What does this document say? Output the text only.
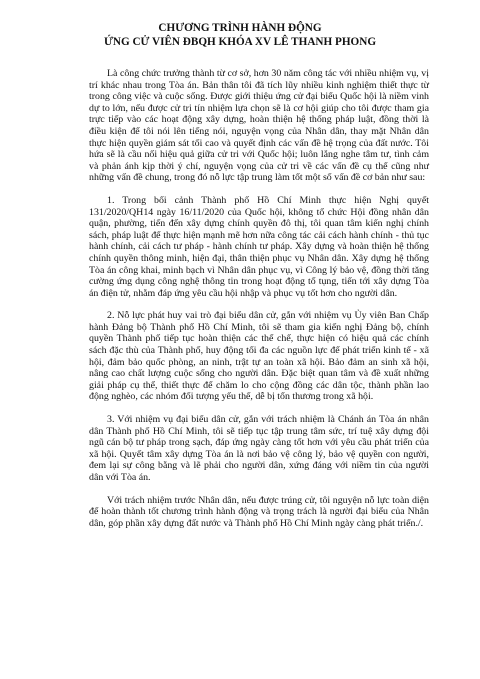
CHƯƠNG TRÌNH HÀNH ĐỘNG
ỨNG CỬ VIÊN ĐBQH KHÓA XV LÊ THANH PHONG

Là công chức trưởng thành từ cơ sở, hơn 30 năm công tác với nhiều nhiệm vụ, vị trí khác nhau trong Tòa án. Bản thân tôi đã tích lũy nhiều kinh nghiệm thiết thực từ trong công việc và cuộc sống. Được giới thiệu ứng cử đại biểu Quốc hội là niềm vinh dự to lớn, nếu được cử tri tín nhiệm lựa chọn sẽ là cơ hội giúp cho tôi được tham gia trực tiếp vào các hoạt động xây dựng, hoàn thiện hệ thống pháp luật, đồng thời là điều kiện để tôi nói lên tiếng nói, nguyện vọng của Nhân dân, thay mặt Nhân dân thực hiện quyền giám sát tối cao và quyết định các vấn đề hệ trọng của đất nước. Tôi hứa sẽ là cầu nối hiệu quả giữa cử tri với Quốc hội; luôn lắng nghe tâm tư, tình cảm và phản ánh kịp thời ý chí, nguyện vọng của cử tri về các vấn đề cụ thể cũng như những vấn đề chung, trong đó nỗ lực tập trung làm tốt một số vấn đề cơ bản như sau:

1. Trong bối cảnh Thành phố Hồ Chí Minh thực hiện Nghị quyết 131/2020/QH14 ngày 16/11/2020 của Quốc hội, không tổ chức Hội đồng nhân dân quận, phường, tiến đến xây dựng chính quyền đô thị, tôi quan tâm kiến nghị chính sách, pháp luật để thực hiện mạnh mẽ hơn nữa công tác cải cách hành chính - thủ tục hành chính, cải cách tư pháp - hành chính tư pháp. Xây dựng và hoàn thiện hệ thống chính quyền thông minh, hiện đại, thân thiện phục vụ Nhân dân. Xây dựng hệ thống Tòa án công khai, minh bạch vì Nhân dân phục vụ, vì Công lý bảo vệ, đồng thời tăng cường ứng dụng công nghệ thông tin trong hoạt động tố tụng, tiến tới xây dựng Tòa án điện tử, nhằm đáp ứng yêu cầu hội nhập và phục vụ tốt hơn cho người dân.

2. Nỗ lực phát huy vai trò đại biểu dân cử, gắn với nhiệm vụ Ủy viên Ban Chấp hành Đảng bộ Thành phố Hồ Chí Minh, tôi sẽ tham gia kiến nghị Đảng bộ, chính quyền Thành phố tiếp tục hoàn thiện các thể chế, thực hiện có hiệu quả các chính sách đặc thù của Thành phố, huy động tối đa các nguồn lực để phát triển kinh tế - xã hội, đảm bảo quốc phòng, an ninh, trật tự an toàn xã hội. Bảo đảm an sinh xã hội, nâng cao chất lượng cuộc sống cho người dân. Đặc biệt quan tâm và đề xuất những giải pháp cụ thể, thiết thực để chăm lo cho cộng đồng các dân tộc, thành phần lao động nghèo, các nhóm đối tượng yếu thế, dễ bị tổn thương trong xã hội.

3. Với nhiệm vụ đại biểu dân cử, gắn với trách nhiệm là Chánh án Tòa án nhân dân Thành phố Hồ Chí Minh, tôi sẽ tiếp tục tập trung tâm sức, trí tuệ xây dựng đội ngũ cán bộ tư pháp trong sạch, đáp ứng ngày càng tốt hơn với yêu cầu phát triển của xã hội. Quyết tâm xây dựng Tòa án là nơi bảo vệ công lý, bảo vệ quyền con người, đem lại sự công bằng và lẽ phải cho người dân, xứng đáng với niềm tin của người dân với Tòa án.

Với trách nhiệm trước Nhân dân, nếu được trúng cử, tôi nguyện nỗ lực toàn diện để hoàn thành tốt chương trình hành động và trọng trách là người đại biểu của Nhân dân, góp phần xây dựng đất nước và Thành phố Hồ Chí Minh ngày càng phát triển./.
